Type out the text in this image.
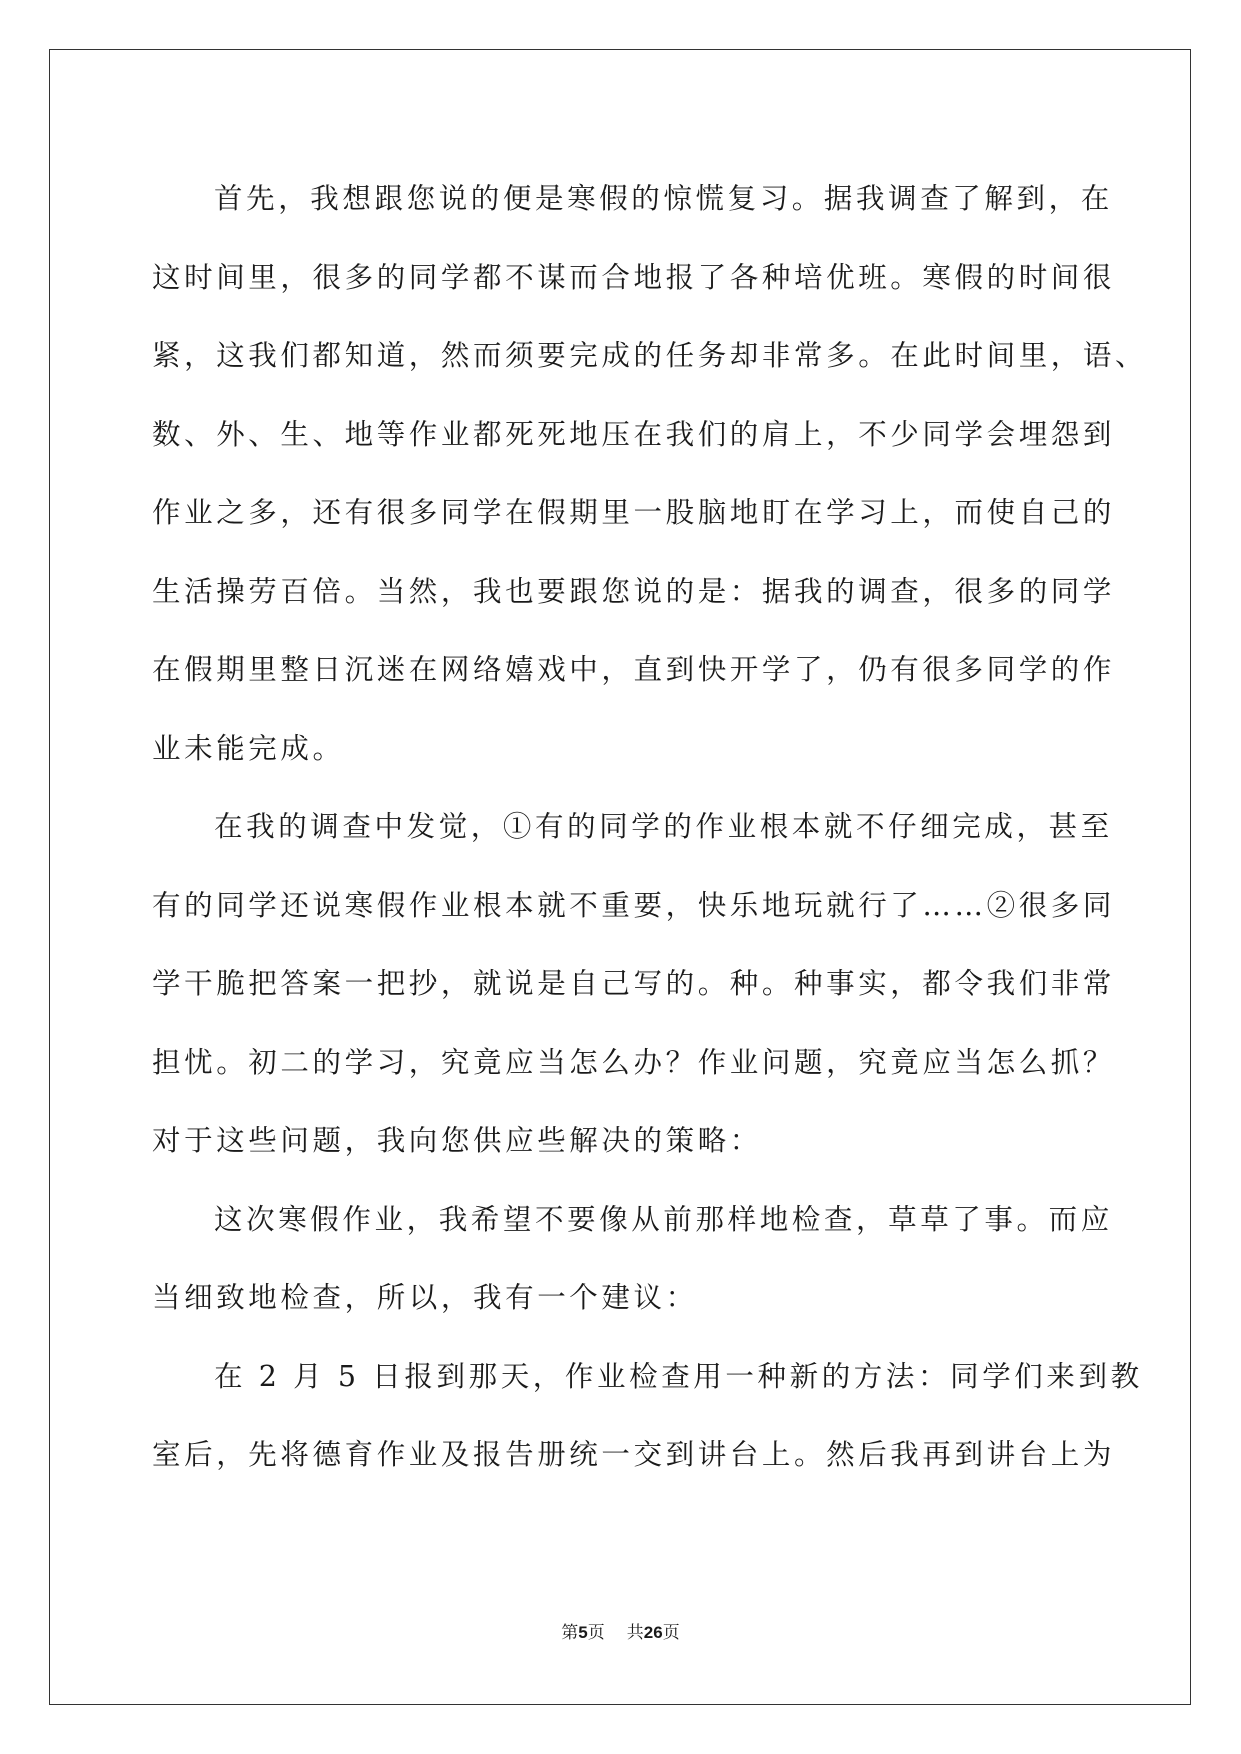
首先，我想跟您说的便是寒假的惊慌复习。据我调查了解到，在
这时间里，很多的同学都不谋而合地报了各种培优班。寒假的时间很
紧，这我们都知道，然而须要完成的任务却非常多。在此时间里，语、
数、外、生、地等作业都死死地压在我们的肩上，不少同学会埋怨到
作业之多，还有很多同学在假期里一股脑地盯在学习上，而使自己的
生活操劳百倍。当然，我也要跟您说的是：据我的调查，很多的同学
在假期里整日沉迷在网络嬉戏中，直到快开学了，仍有很多同学的作
业未能完成。
在我的调查中发觉，①有的同学的作业根本就不仔细完成，甚至
有的同学还说寒假作业根本就不重要，快乐地玩就行了……②很多同
学干脆把答案一把抄，就说是自己写的。种。种事实，都令我们非常
担忧。初二的学习，究竟应当怎么办？作业问题，究竟应当怎么抓？
对于这些问题，我向您供应些解决的策略：
这次寒假作业，我希望不要像从前那样地检查，草草了事。而应
当细致地检查，所以，我有一个建议：
在 2 月 5 日报到那天，作业检查用一种新的方法：同学们来到教
室后，先将德育作业及报告册统一交到讲台上。然后我再到讲台上为
第5页 共26页
